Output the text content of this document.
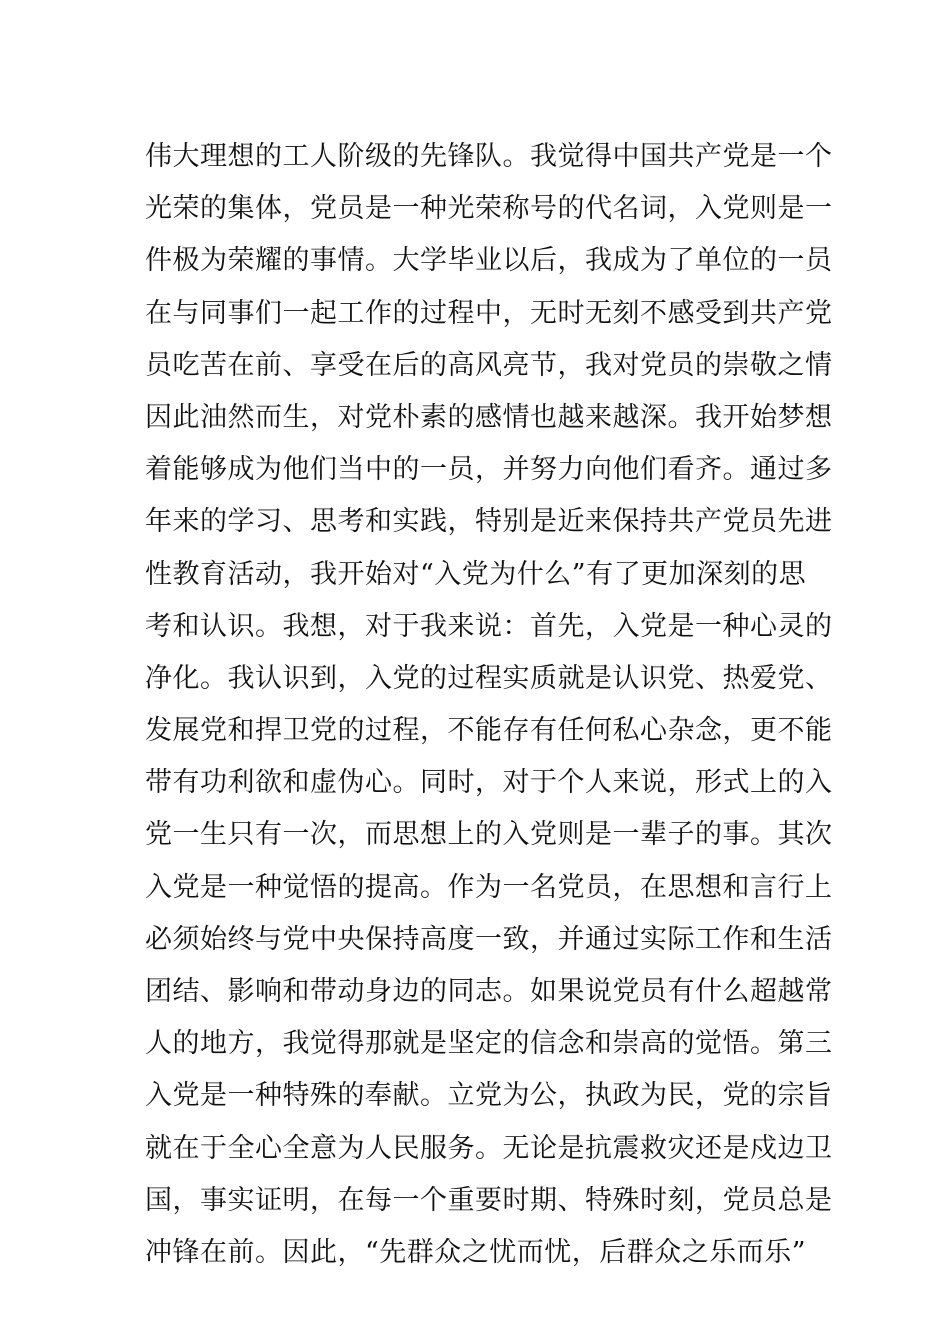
伟大理想的工人阶级的先锋队。我觉得中国共产党是一个
光荣的集体，党员是一种光荣称号的代名词，入党则是一
件极为荣耀的事情。大学毕业以后，我成为了单位的一员
在与同事们一起工作的过程中，无时无刻不感受到共产党
员吃苦在前、享受在后的高风亮节，我对党员的崇敬之情
因此油然而生，对党朴素的感情也越来越深。我开始梦想
着能够成为他们当中的一员，并努力向他们看齐。通过多
年来的学习、思考和实践，特别是近来保持共产党员先进
性教育活动，我开始对“入党为什么”有了更加深刻的思
考和认识。我想，对于我来说：首先，入党是一种心灵的
净化。我认识到，入党的过程实质就是认识党、热爱党、
发展党和捍卫党的过程，不能存有任何私心杂念，更不能
带有功利欲和虚伪心。同时，对于个人来说，形式上的入
党一生只有一次，而思想上的入党则是一辈子的事。其次
入党是一种觉悟的提高。作为一名党员，在思想和言行上
必须始终与党中央保持高度一致，并通过实际工作和生活
团结、影响和带动身边的同志。如果说党员有什么超越常
人的地方，我觉得那就是坚定的信念和崇高的觉悟。第三
入党是一种特殊的奉献。立党为公，执政为民，党的宗旨
就在于全心全意为人民服务。无论是抗震救灾还是戍边卫
国，事实证明，在每一个重要时期、特殊时刻，党员总是
冲锋在前。因此，“先群众之忧而忧，后群众之乐而乐”
